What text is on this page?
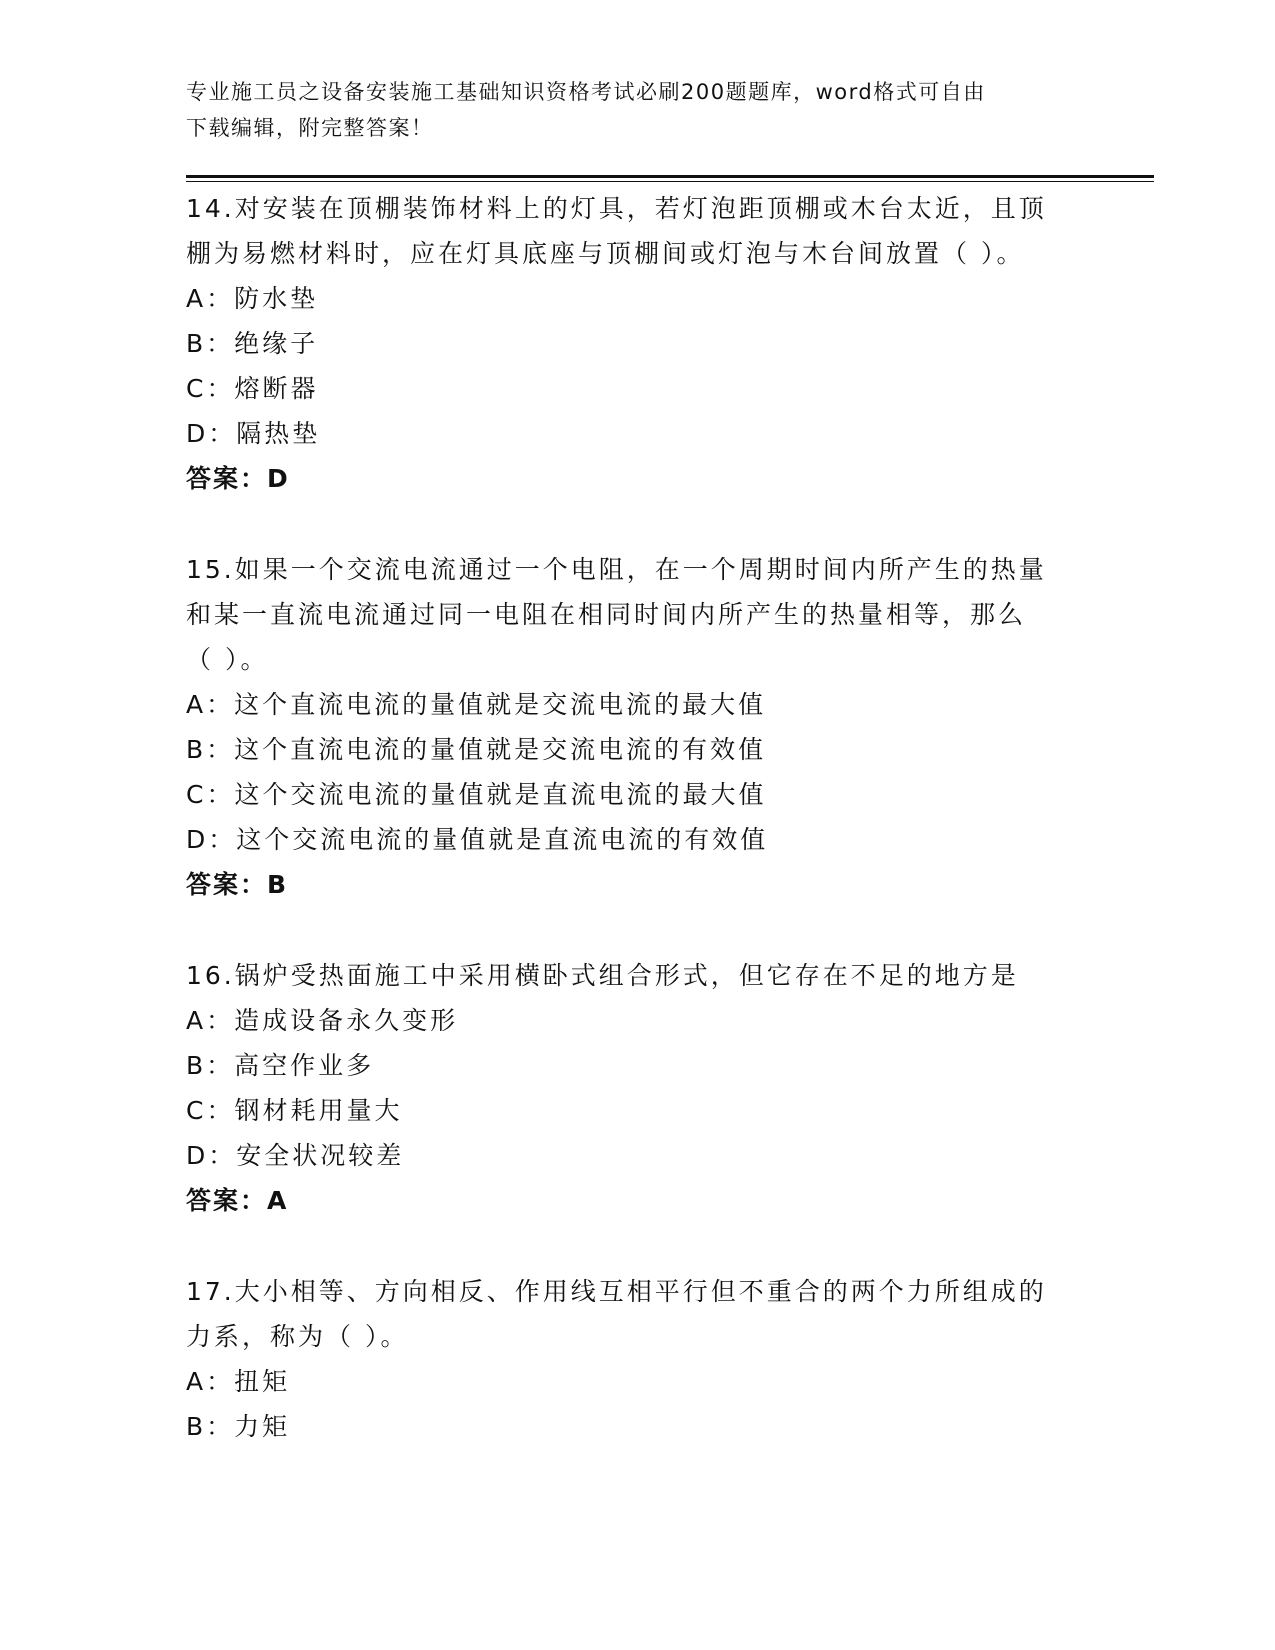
专业施工员之设备安装施工基础知识资格考试必刷200题题库，word格式可自由
下载编辑，附完整答案！
14.对安装在顶棚装饰材料上的灯具，若灯泡距顶棚或木台太近，且顶
棚为易燃材料时，应在灯具底座与顶棚间或灯泡与木台间放置（ ）。
A：防水垫
B：绝缘子
C：熔断器
D：隔热垫
答案：D
15.如果一个交流电流通过一个电阻，在一个周期时间内所产生的热量
和某一直流电流通过同一电阻在相同时间内所产生的热量相等，那么
（ ）。
A：这个直流电流的量值就是交流电流的最大值
B：这个直流电流的量值就是交流电流的有效值
C：这个交流电流的量值就是直流电流的最大值
D：这个交流电流的量值就是直流电流的有效值
答案：B
16.锅炉受热面施工中采用横卧式组合形式，但它存在不足的地方是
A：造成设备永久变形
B：高空作业多
C：钢材耗用量大
D：安全状况较差
答案：A
17.大小相等、方向相反、作用线互相平行但不重合的两个力所组成的
力系，称为（ ）。
A：扭矩
B：力矩
